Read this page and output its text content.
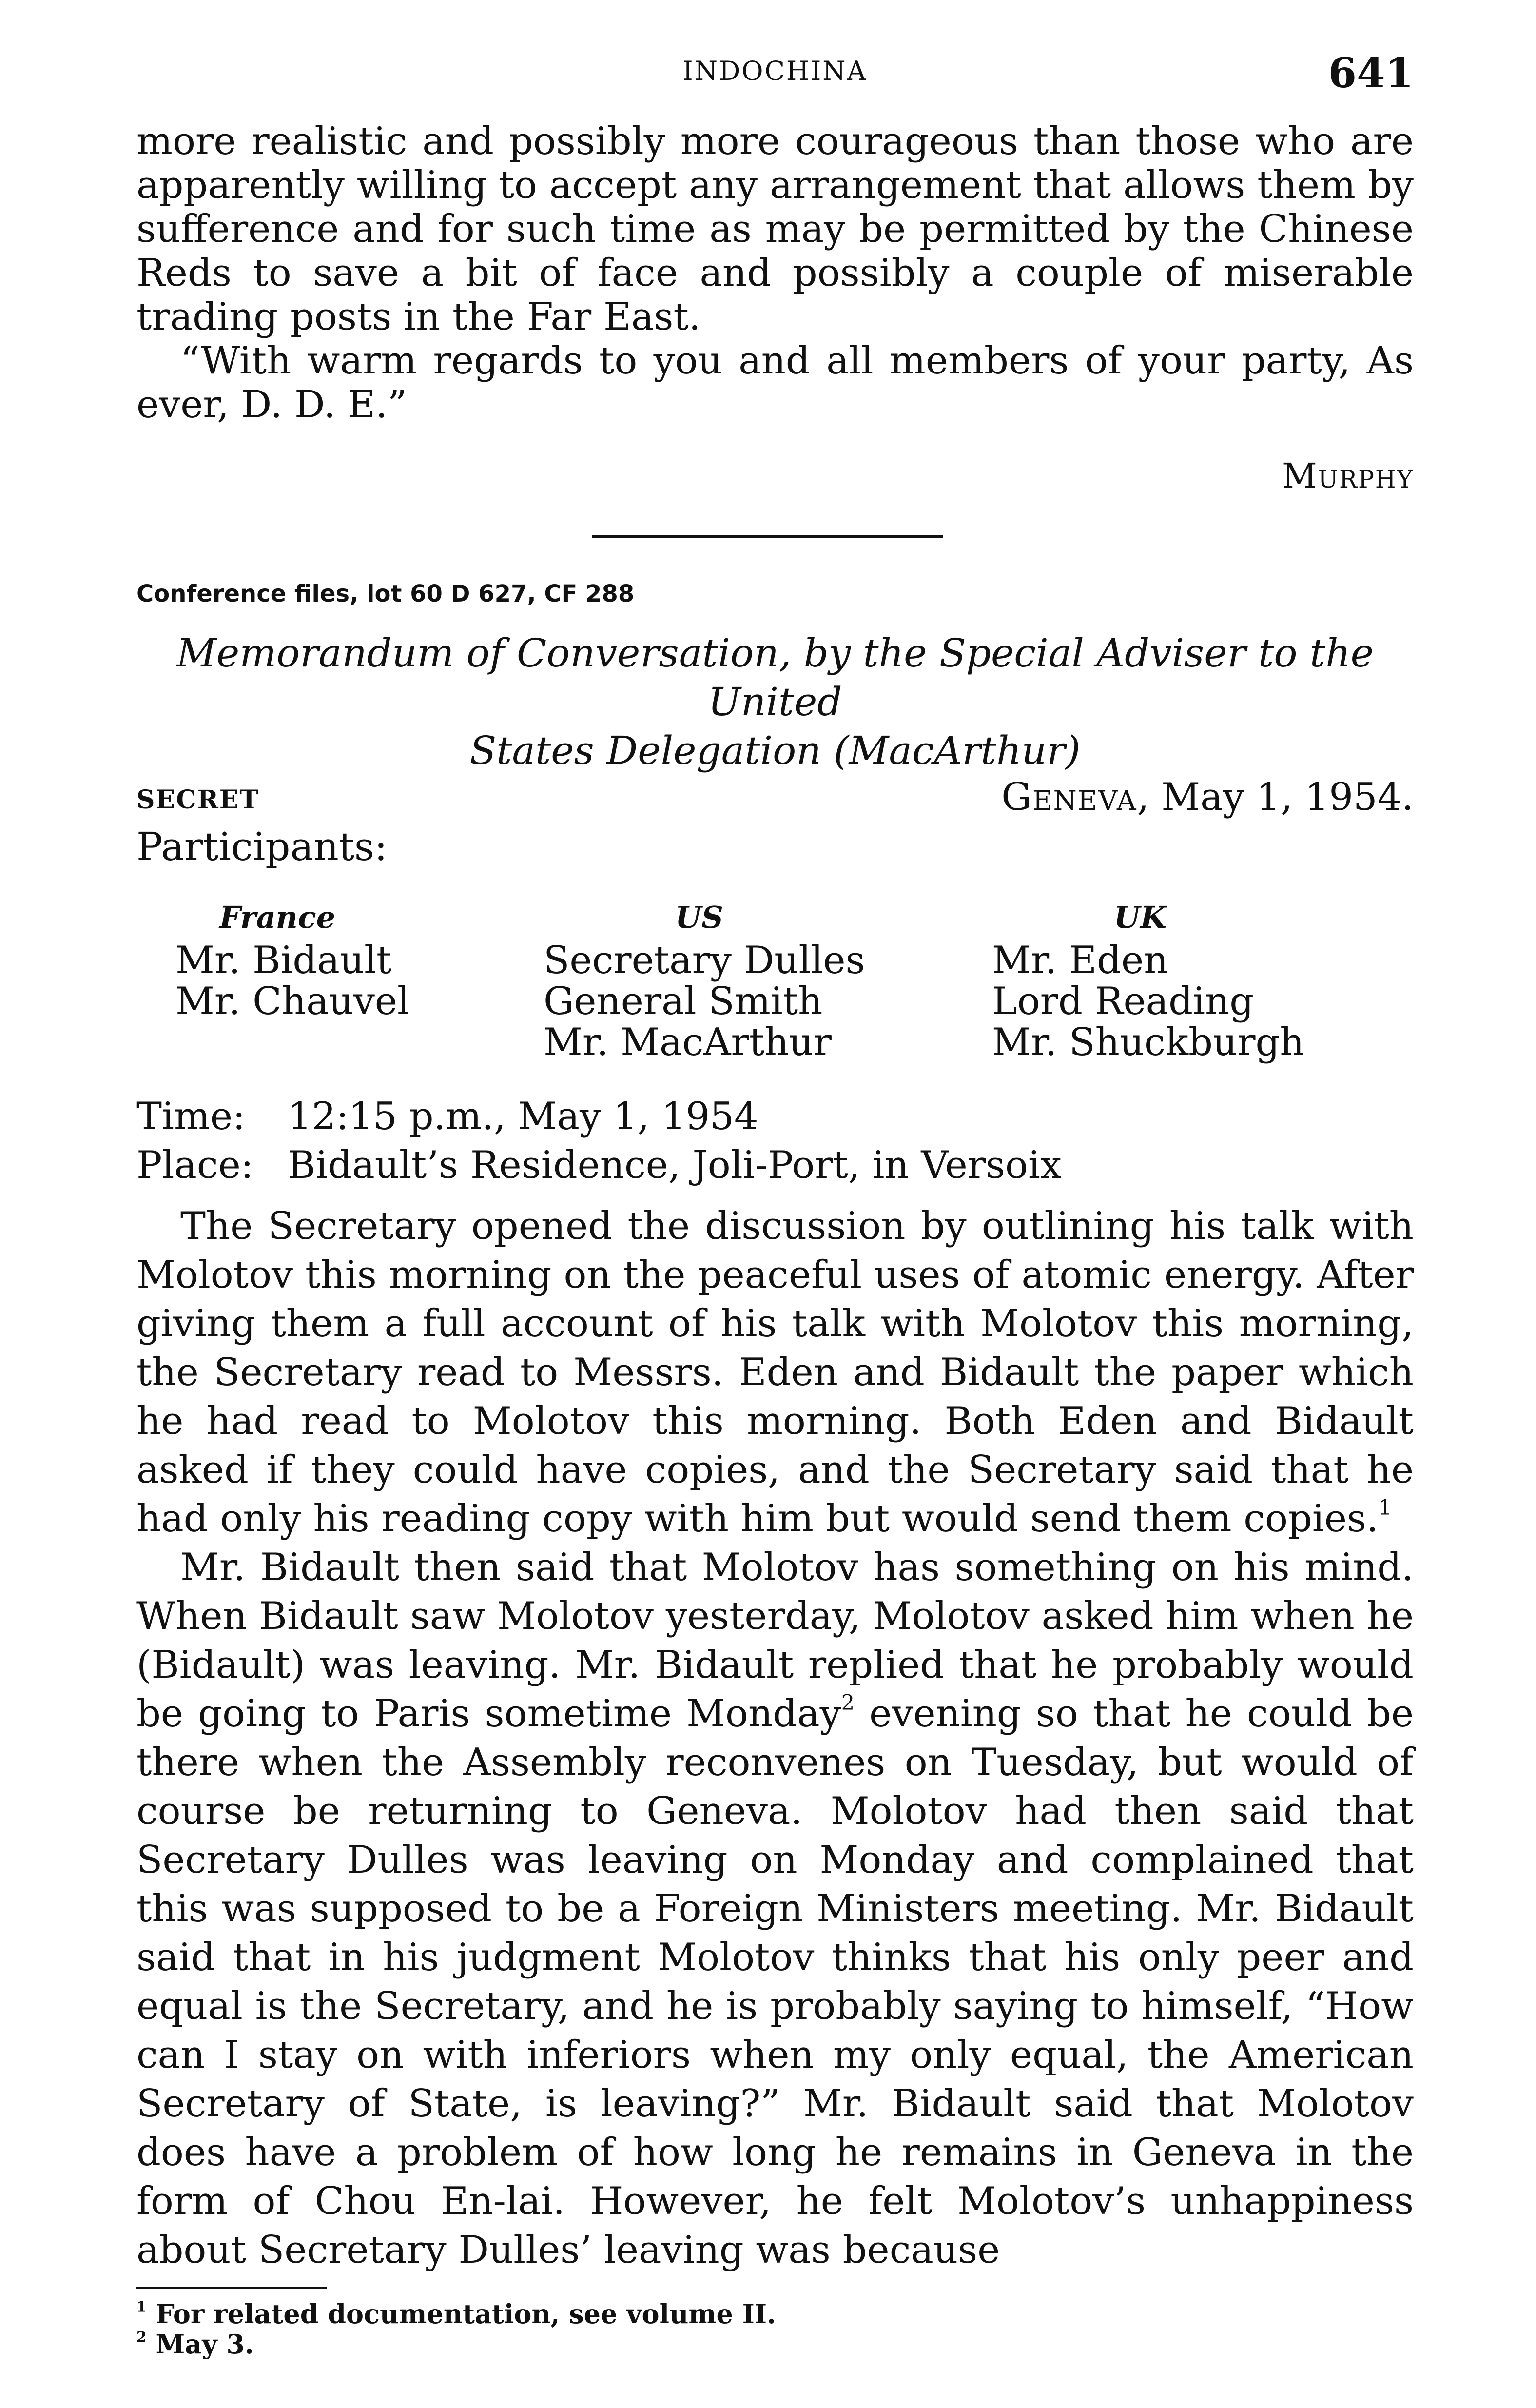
INDOCHINA	641

more realistic and possibly more courageous than those who are apparently willing to accept any arrangement that allows them by sufference and for such time as may be permitted by the Chinese Reds to save a bit of face and possibly a couple of miserable trading posts in the Far East.

“With warm regards to you and all members of your party, As ever, D. D. E.”

Murphy
Conference files, lot 60 D 627, CF 288
Memorandum of Conversation, by the Special Adviser to the United
States Delegation (MacArthur)
SECRET	Geneva, May 1, 1954.
Participants:
France
Mr. Bidault
Mr. Chauvel
US
Secretary Dulles
General Smith
Mr. MacArthur
UK
Mr. Eden
Lord Reading
Mr. Shuckburgh
Time: 12:15 p.m., May 1, 1954
Place: Bidault’s Residence, Joli-Port, in Versoix

The Secretary opened the discussion by outlining his talk with Molotov this morning on the peaceful uses of atomic energy. After giving them a full account of his talk with Molotov this morning, the Secretary read to Messrs. Eden and Bidault the paper which he had read to Molotov this morning. Both Eden and Bidault asked if they could have copies, and the Secretary said that he had only his reading copy with him but would send them copies.$^1$

Mr. Bidault then said that Molotov has something on his mind. When Bidault saw Molotov yesterday, Molotov asked him when he (Bidault) was leaving. Mr. Bidault replied that he probably would be going to Paris sometime Monday$^2$ evening so that he could be there when the Assembly reconvenes on Tuesday, but would of course be returning to Geneva. Molotov had then said that Secretary Dulles was leaving on Monday and complained that this was supposed to be a Foreign Ministers meeting. Mr. Bidault said that in his judgment Molotov thinks that his only peer and equal is the Secretary, and he is probably saying to himself, “How can I stay on with inferiors when my only equal, the American Secretary of State, is leaving?” Mr. Bidault said that Molotov does have a problem of how long he remains in Geneva in the form of Chou En-lai. However, he felt Molotov’s unhappiness about Secretary Dulles’ leaving was because

$^1$ For related documentation, see volume II.
$^2$ May 3.
